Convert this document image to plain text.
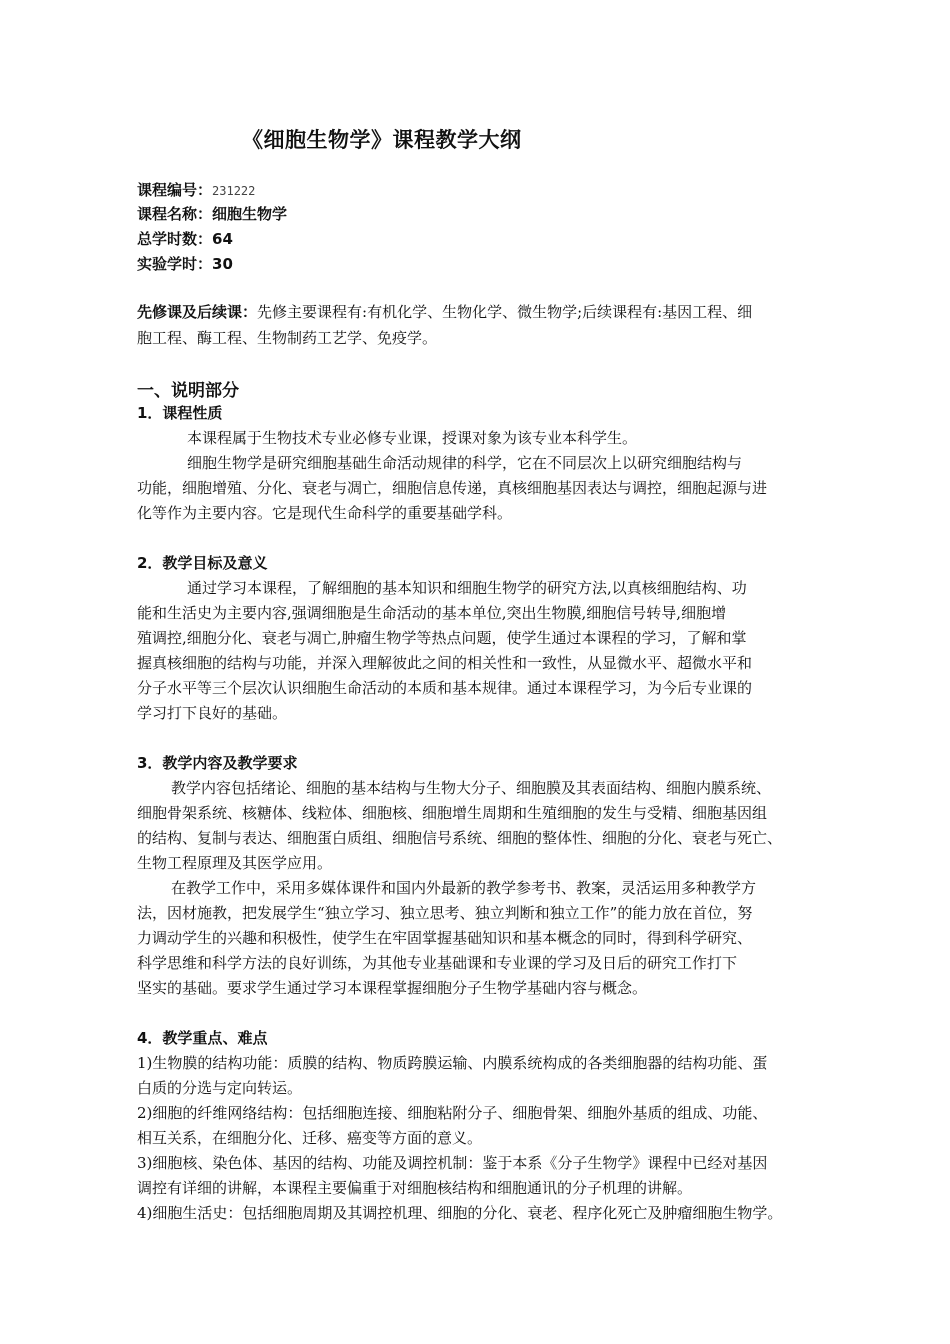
《细胞生物学》课程教学大纲
课程编号：231222
课程名称：细胞生物学
总学时数：64
实验学时：30
先修课及后续课：先修主要课程有:有机化学、生物化学、微生物学;后续课程有:基因工程、细
胞工程、酶工程、生物制药工艺学、免疫学。
一、说明部分
1．课程性质
本课程属于生物技术专业必修专业课，授课对象为该专业本科学生。
细胞生物学是研究细胞基础生命活动规律的科学，它在不同层次上以研究细胞结构与
功能，细胞增殖、分化、衰老与凋亡，细胞信息传递，真核细胞基因表达与调控，细胞起源与进
化等作为主要内容。它是现代生命科学的重要基础学科。
2．教学目标及意义
通过学习本课程，了解细胞的基本知识和细胞生物学的研究方法,以真核细胞结构、功
能和生活史为主要内容,强调细胞是生命活动的基本单位,突出生物膜,细胞信号转导,细胞增
殖调控,细胞分化、衰老与凋亡,肿瘤生物学等热点问题，使学生通过本课程的学习，了解和掌
握真核细胞的结构与功能，并深入理解彼此之间的相关性和一致性，从显微水平、超微水平和
分子水平等三个层次认识细胞生命活动的本质和基本规律。通过本课程学习，为今后专业课的
学习打下良好的基础。
3．教学内容及教学要求
教学内容包括绪论、细胞的基本结构与生物大分子、细胞膜及其表面结构、细胞内膜系统、
细胞骨架系统、核糖体、线粒体、细胞核、细胞增生周期和生殖细胞的发生与受精、细胞基因组
的结构、复制与表达、细胞蛋白质组、细胞信号系统、细胞的整体性、细胞的分化、衰老与死亡、
生物工程原理及其医学应用。
在教学工作中，采用多媒体课件和国内外最新的教学参考书、教案，灵活运用多种教学方
法，因材施教，把发展学生“独立学习、独立思考、独立判断和独立工作”的能力放在首位，努
力调动学生的兴趣和积极性，使学生在牢固掌握基础知识和基本概念的同时，得到科学研究、
科学思维和科学方法的良好训练，为其他专业基础课和专业课的学习及日后的研究工作打下
坚实的基础。要求学生通过学习本课程掌握细胞分子生物学基础内容与概念。
4．教学重点、难点
1)生物膜的结构功能：质膜的结构、物质跨膜运输、内膜系统构成的各类细胞器的结构功能、蛋
白质的分选与定向转运。
2)细胞的纤维网络结构：包括细胞连接、细胞粘附分子、细胞骨架、细胞外基质的组成、功能、
相互关系，在细胞分化、迁移、癌变等方面的意义。
3)细胞核、染色体、基因的结构、功能及调控机制：鉴于本系《分子生物学》课程中已经对基因
调控有详细的讲解，本课程主要偏重于对细胞核结构和细胞通讯的分子机理的讲解。
4)细胞生活史：包括细胞周期及其调控机理、细胞的分化、衰老、程序化死亡及肿瘤细胞生物学。
